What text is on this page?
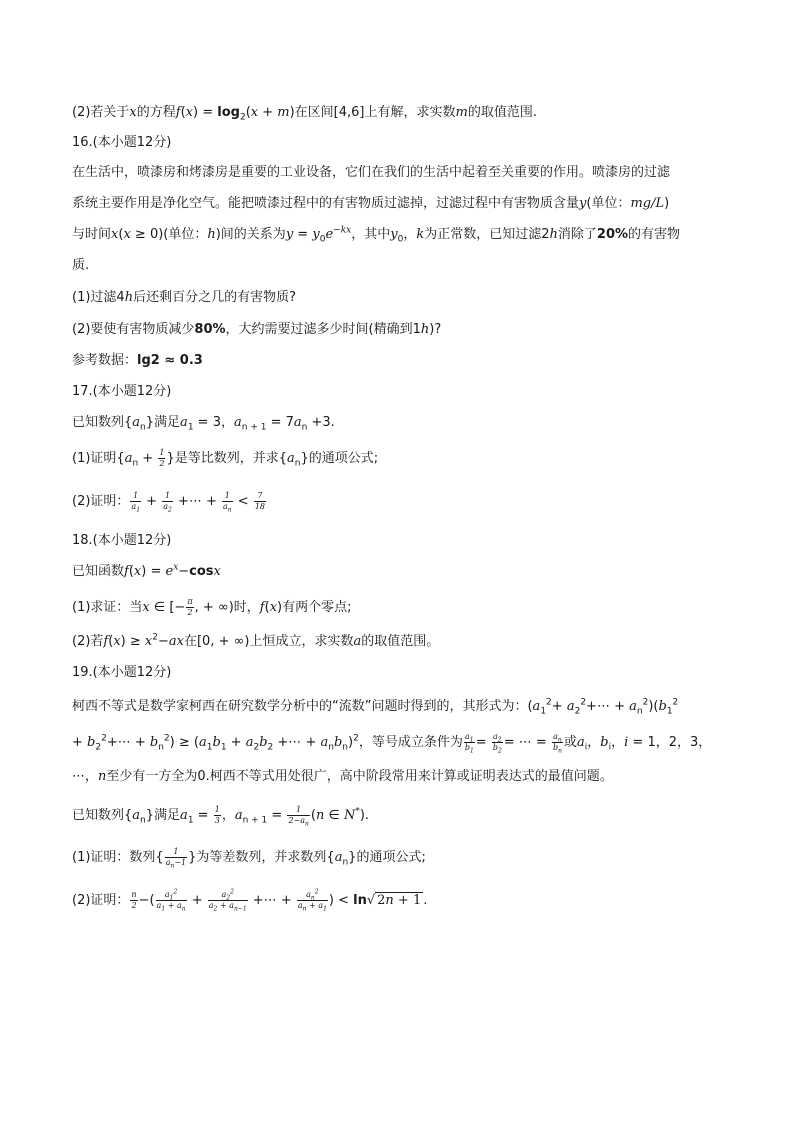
(2)若关于x的方程$f(x) = \log_2(x + m)$在区间[4,6]上有解，求实数m的取值范围.
16.(本小题12分)
在生活中，喷漆房和烤漆房是重要的工业设备，它们在我们的生活中起着至关重要的作用。喷漆房的过滤
系统主要作用是净化空气。能把喷漆过程中的有害物质过滤掉，过滤过程中有害物质含量y(单位：mg/L)
与时间x(x ≥ 0)(单位：h)间的关系为$y = y_0e^{-kx}$，其中$y_0$，k为正常数，已知过滤2h消除了20%的有害物
质.
(1)过滤4h后还剩百分之几的有害物质?
(2)要使有害物质减少80%，大约需要过滤多少时间(精确到1h)?
参考数据：lg2 ≈ 0.3
17.(本小题12分)
已知数列$\{a_n\}$满足$a_1 = 3$，$a_{n + 1} = 7a_n +3$.
(1)证明{$a_n + \frac{1}{2}$ }是等比数列，并求$\{a_n\}$的通项公式;
(2)证明： $\frac{1}{a_1} + \frac{1}{a_2}$ +⋯ + $\frac{1}{a_n} < \frac{7}{18}$
18.(本小题12分)
已知函数$f(x) = e^x-\cos x$
(1)求证：当x ∈ [− $\frac{\pi}{2}$ , + ∞)时，f(x)有两个零点;
(2)若$f(x) \ge x^2-ax$在[0, + ∞)上恒成立，求实数a的取值范围。
19.(本小题12分)
柯西不等式是数学家柯西在研究数学分析中的“流数”问题时得到的，其形式为：($a_1^2+$ $a_2^2+\cdots + a_n^2)(b_1^2$
+ $b_2^2+\cdots + b_n^2) \ge (a_1b_1 + a_2b_2$ +⋯ + $a_nb_n)^2$，等号成立条件为 $\frac{a_1}{b_1} = \frac{a_2}{b_2}$ = ⋯ = $\frac{a_n}{b_n}$ 或$a_i$，$b_i$，i = 1，2，3，
⋯，n至少有一方全为0.柯西不等式用处很广，高中阶段常用来计算或证明表达式的最值问题。
已知数列$\{a_n\}$满足$a_1 = \frac{1}{3}$ ，$a_{n + 1} = \frac{1}{2-a_n} (n$ ∈ N*).
(1)证明：数列{ $\frac{1}{a_n-1}$ }为等差数列，并求数列$\{a_n\}$的通项公式;
(2)证明： $\frac{n}{2}$ −( $\frac{a_1^2}{a_1 + a_n} + \frac{a_2^2}{a_2 + a_{n-1}}$ +⋯ + $\frac{a_n^2}{a_n + a_1}$ ) < ln√ 2n + 1 .
